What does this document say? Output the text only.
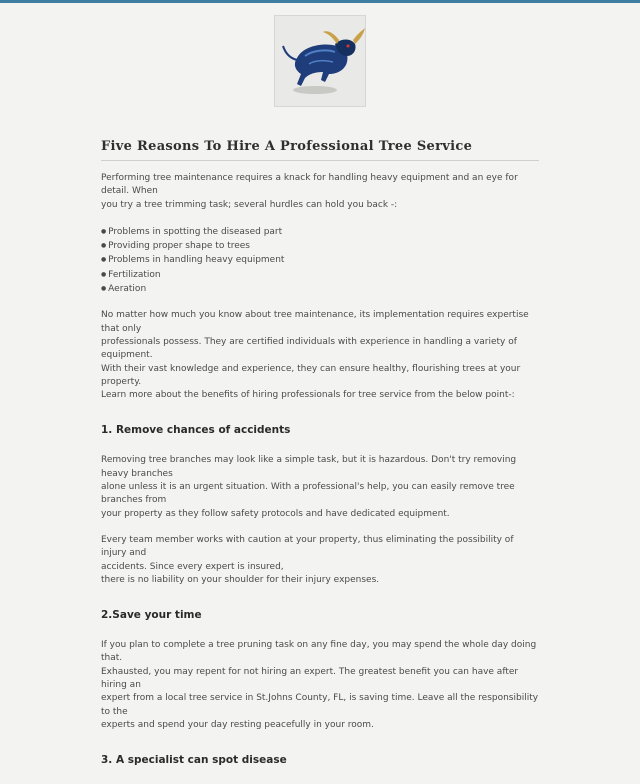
Five Reasons To Hire A Professional Tree Service

Performing tree maintenance requires a knack for handling heavy equipment and an eye for detail. When
you try a tree trimming task; several hurdles can hold you back -:

● Problems in spotting the diseased part
● Providing proper shape to trees
● Problems in handling heavy equipment
● Fertilization
● Aeration

No matter how much you know about tree maintenance, its implementation requires expertise that only
professionals possess. They are certified individuals with experience in handling a variety of equipment.
With their vast knowledge and experience, they can ensure healthy, flourishing trees at your property.
Learn more about the benefits of hiring professionals for tree service from the below point-:

1. Remove chances of accidents

Removing tree branches may look like a simple task, but it is hazardous. Don't try removing heavy branches
alone unless it is an urgent situation. With a professional's help, you can easily remove tree branches from
your property as they follow safety protocols and have dedicated equipment.

Every team member works with caution at your property, thus eliminating the possibility of injury and
accidents. Since every expert is insured,
there is no liability on your shoulder for their injury expenses.

2.Save your time

If you plan to complete a tree pruning task on any fine day, you may spend the whole day doing that.
Exhausted, you may repent for not hiring an expert. The greatest benefit you can have after hiring an
expert from a local tree service in St.Johns County, FL, is saving time. Leave all the responsibility to the
experts and spend your day resting peacefully in your room.

3. A specialist can spot disease
